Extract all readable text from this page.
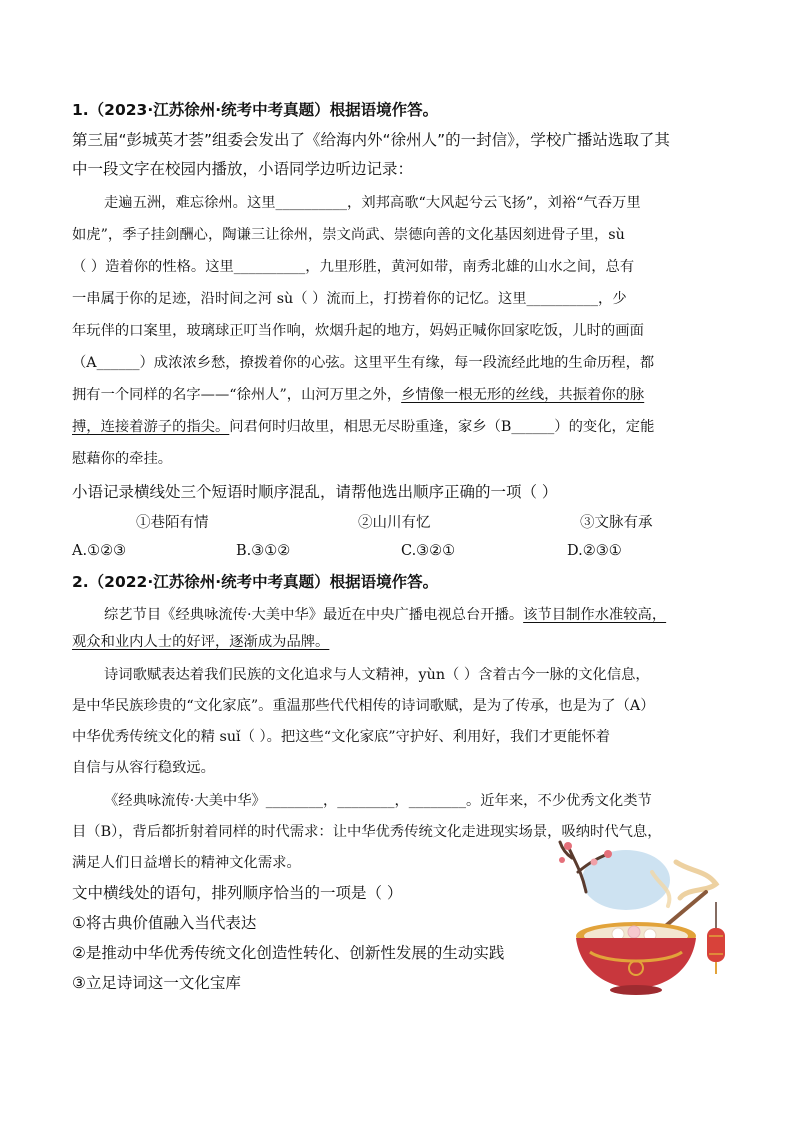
1.（2023·江苏徐州·统考中考真题）根据语境作答。
第三届“彭城英才荟”组委会发出了《给海内外“徐州人”的一封信》，学校广播站选取了其
中一段文字在校园内播放，小语同学边听边记录：
走遍五洲，难忘徐州。这里__________，刘邦高歌“大风起兮云飞扬”，刘裕“气吞万里
如虎”，季子挂剑酬心，陶谦三让徐州，崇文尚武、崇德向善的文化基因刻进骨子里，sù
（ ）造着你的性格。这里__________，九里形胜，黄河如带，南秀北雄的山水之间，总有
一串属于你的足迹，沿时间之河 sù（ ）流而上，打捞着你的记忆。这里__________，少
年玩伴的口案里，玻璃球正叮当作响，炊烟升起的地方，妈妈正喊你回家吃饭，儿时的画面
（A______）成浓浓乡愁，撩拨着你的心弦。这里平生有缘，每一段流经此地的生命历程，都
拥有一个同样的名字——“徐州人”，山河万里之外，乡情像一根无形的丝线，共振着你的脉
搏，连接着游子的指尖。问君何时归故里，相思无尽盼重逢，家乡（B______）的变化，定能
慰藉你的牵挂。
小语记录横线处三个短语时顺序混乱，请帮他选出顺序正确的一项（ ）
①巷陌有情	②山川有忆	③文脉有承
A.①②③	B.③①②	C.③②①	D.②③①
2.（2022·江苏徐州·统考中考真题）根据语境作答。
综艺节目《经典咏流传·大美中华》最近在中央广播电视总台开播。该节目制作水准较高，
观众和业内人士的好评，逐渐成为品牌。
诗词歌赋表达着我们民族的文化追求与人文精神，yùn（ ）含着古今一脉的文化信息，
是中华民族珍贵的“文化家底”。重温那些代代相传的诗词歌赋，是为了传承，也是为了（A）
中华优秀传统文化的精 suǐ（ ）。把这些“文化家底”守护好、利用好，我们才更能怀着
自信与从容行稳致远。
《经典咏流传·大美中华》________，________，________。近年来，不少优秀文化类节
目（B），背后都折射着同样的时代需求：让中华优秀传统文化走进现实场景，吸纳时代气息，
满足人们日益增长的精神文化需求。
文中横线处的语句，排列顺序恰当的一项是（ ）
①将古典价值融入当代表达
②是推动中华优秀传统文化创造性转化、创新性发展的生动实践
③立足诗词这一文化宝库
